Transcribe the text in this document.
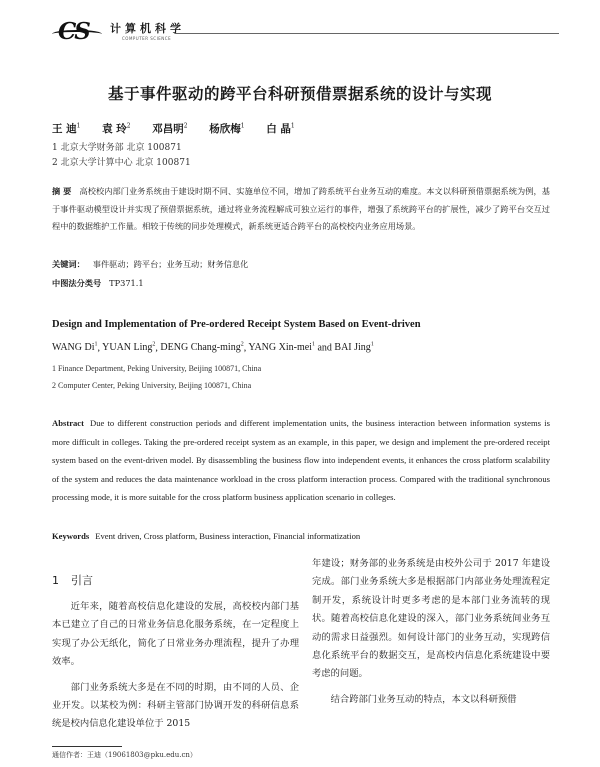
CS 计算机科学
COMPUTER SCIENCE
基于事件驱动的跨平台科研预借票据系统的设计与实现
王 迪$^1$ 袁 玲$^2$ 邓昌明$^2$ 杨欣梅$^1$ 白 晶$^1$
1 北京大学财务部 北京 100871
2 北京大学计算中心 北京 100871
摘 要 高校校内部门业务系统由于建设时期不同、实施单位不同，增加了跨系统平台业务互动的难度。本文以科研预借票据系统为例，基于事件驱动模型设计并实现了预借票据系统，通过将业务流程解成可独立运行的事件，增强了系统跨平台的扩展性，减少了跨平台交互过程中的数据维护工作量。相较于传统的同步处理模式，新系统更适合跨平台的高校校内业务应用场景。
关键词： 事件驱动；跨平台；业务互动；财务信息化
中图法分类号 TP371.1
Design and Implementation of Pre-ordered Receipt System Based on Event-driven
WANG Di$^1$, YUAN Ling$^2$, DENG Chang-ming$^2$, YANG Xin-mei$^1$ and BAI Jing$^1$
1 Finance Department, Peking University, Beijing 100871, China
2 Computer Center, Peking University, Beijing 100871, China
Abstract Due to different construction periods and different implementation units, the business interaction between information systems is more difficult in colleges. Taking the pre-ordered receipt system as an example, in this paper, we design and implement the pre-ordered receipt system based on the event-driven model. By disassembling the business flow into independent events, it enhances the cross platform scalability of the system and reduces the data maintenance workload in the cross platform interaction process. Compared with the traditional synchronous processing mode, it is more suitable for the cross platform business application scenario in colleges.
Keywords Event driven, Cross platform, Business interaction, Financial informatization
1 引言

近年来，随着高校信息化建设的发展，高校校内部门基本已建立了自己的日常业务信息化服务系统，在一定程度上实现了办公无纸化，简化了日常业务办理流程，提升了办理效率。

部门业务系统大多是在不同的时期，由不同的人员、企业开发。以某校为例：科研主管部门协调开发的科研信息系统是校内信息化建设单位于 2015

年建设；财务部的业务系统是由校外公司于 2017 年建设完成。部门业务系统大多是根据部门内部业务处理流程定制开发，系统设计时更多考虑的是本部门业务流转的现状。随着高校信息化建设的深入，部门业务系统间业务互动的需求日益强烈。如何设计部门的业务互动，实现跨信息化系统平台的数据交互，是高校内信息化系统建设中要考虑的问题。

结合跨部门业务互动的特点，本文以科研预借

通信作者：王迪（19061803@pku.edu.cn）
